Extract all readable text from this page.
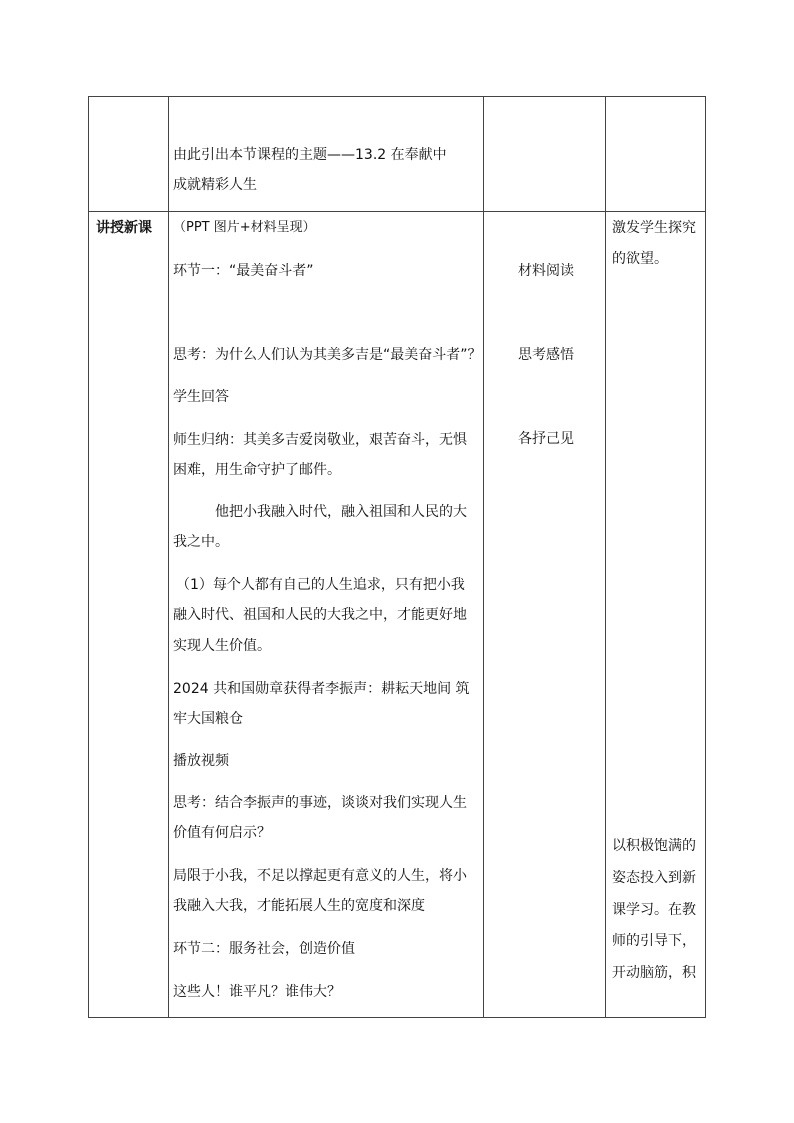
由此引出本节课程的主题——13.2 在奉献中
成就精彩人生
讲授新课 （PPT 图片+材料呈现）
环节一：“最美奋斗者”
思考：为什么人们认为其美多吉是“最美奋斗者”？
学生回答
师生归纳：其美多吉爱岗敬业，艰苦奋斗，无惧
困难，用生命守护了邮件。
他把小我融入时代，融入祖国和人民的大
我之中。
（1）每个人都有自己的人生追求，只有把小我
融入时代、祖国和人民的大我之中，才能更好地
实现人生价值。
2024 共和国勋章获得者李振声：耕耘天地间 筑
牢大国粮仓
播放视频
思考：结合李振声的事迹，谈谈对我们实现人生
价值有何启示？
局限于小我，不足以撑起更有意义的人生，将小
我融入大我，才能拓展人生的宽度和深度
环节二：服务社会，创造价值
这些人！谁平凡？谁伟大？
材料阅读
思考感悟
各抒己见
激发学生探究
的欲望。
以积极饱满的
姿态投入到新
课学习。在教
师的引导下，
开动脑筋，积
